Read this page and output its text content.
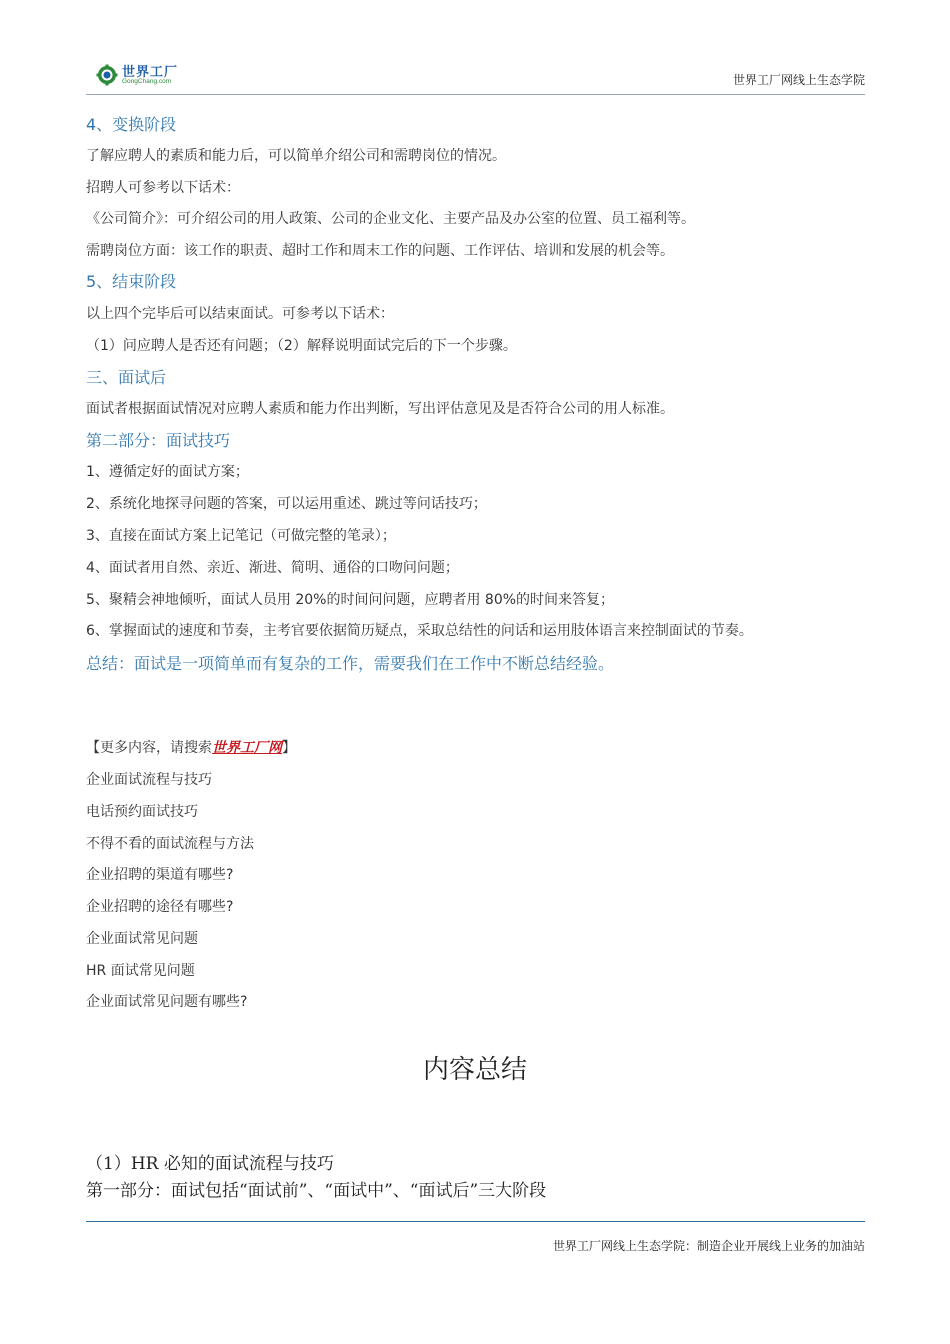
世界工厂
GongChang.com	世界工厂网线上生态学院
4、变换阶段
了解应聘人的素质和能力后，可以简单介绍公司和需聘岗位的情况。
招聘人可参考以下话术：
《公司简介》：可介绍公司的用人政策、公司的企业文化、主要产品及办公室的位置、员工福利等。
需聘岗位方面：该工作的职责、超时工作和周末工作的问题、工作评估、培训和发展的机会等。
5、结束阶段
以上四个完毕后可以结束面试。可参考以下话术：
（1）问应聘人是否还有问题；（2）解释说明面试完后的下一个步骤。
三、面试后
面试者根据面试情况对应聘人素质和能力作出判断，写出评估意见及是否符合公司的用人标准。
第二部分：面试技巧
1、遵循定好的面试方案；
2、系统化地探寻问题的答案，可以运用重述、跳过等问话技巧；
3、直接在面试方案上记笔记（可做完整的笔录）；
4、面试者用自然、亲近、渐进、简明、通俗的口吻问问题；
5、聚精会神地倾听，面试人员用 20%的时间问问题，应聘者用 80%的时间来答复；
6、掌握面试的速度和节奏，主考官要依据简历疑点，采取总结性的问话和运用肢体语言来控制面试的节奏。
总结：面试是一项简单而有复杂的工作，需要我们在工作中不断总结经验。
【更多内容，请搜索世界工厂网】
企业面试流程与技巧
电话预约面试技巧
不得不看的面试流程与方法
企业招聘的渠道有哪些?
企业招聘的途径有哪些?
企业面试常见问题
HR 面试常见问题
企业面试常见问题有哪些?
内容总结
（1）HR 必知的面试流程与技巧
第一部分：面试包括“面试前”、“面试中”、“面试后”三大阶段
世界工厂网线上生态学院：制造企业开展线上业务的加油站
